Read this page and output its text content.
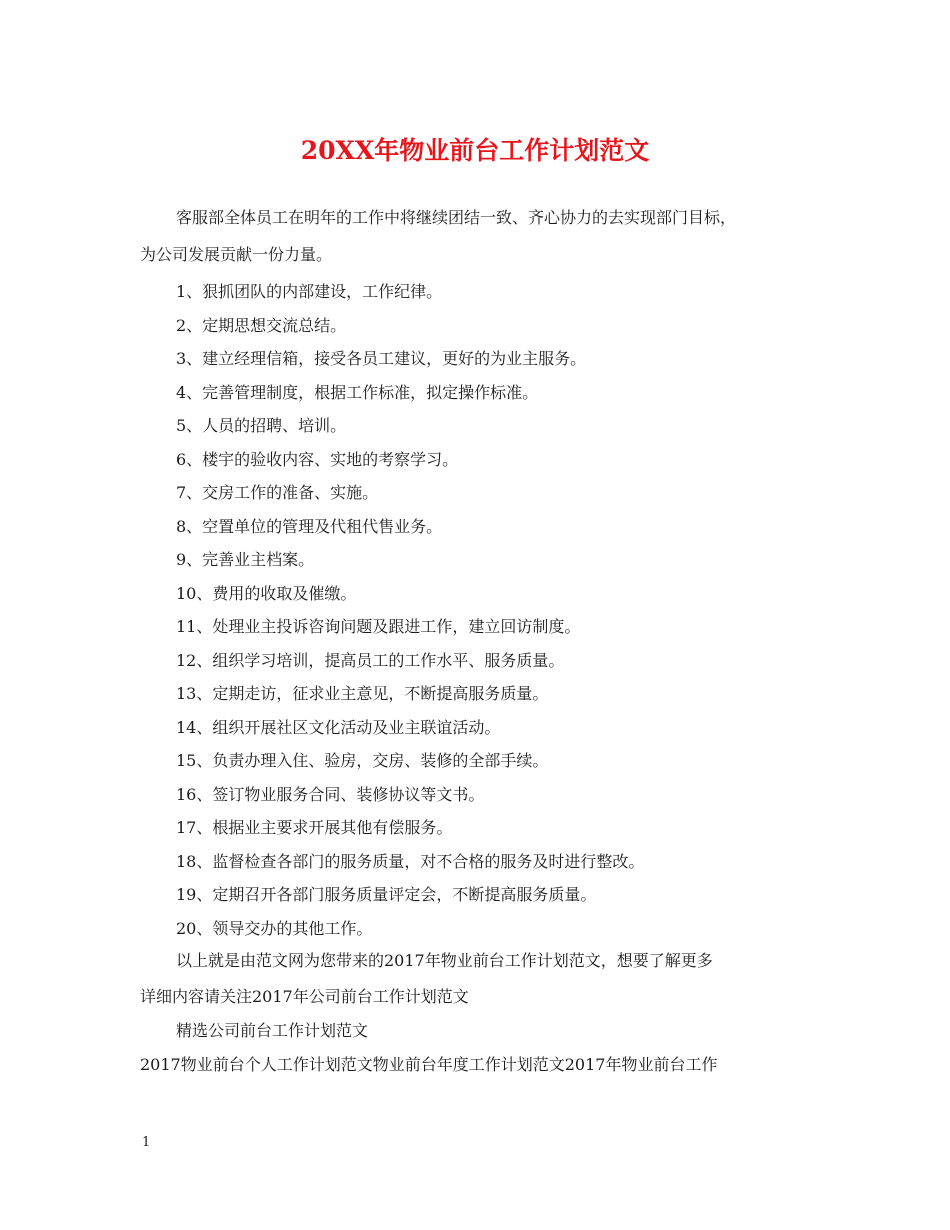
20XX年物业前台工作计划范文
客服部全体员工在明年的工作中将继续团结一致、齐心协力的去实现部门目标，
为公司发展贡献一份力量。
1、狠抓团队的内部建设，工作纪律。
2、定期思想交流总结。
3、建立经理信箱，接受各员工建议，更好的为业主服务。
4、完善管理制度，根据工作标准，拟定操作标准。
5、人员的招聘、培训。
6、楼宇的验收内容、实地的考察学习。
7、交房工作的准备、实施。
8、空置单位的管理及代租代售业务。
9、完善业主档案。
10、费用的收取及催缴。
11、处理业主投诉咨询问题及跟进工作，建立回访制度。
12、组织学习培训，提高员工的工作水平、服务质量。
13、定期走访，征求业主意见，不断提高服务质量。
14、组织开展社区文化活动及业主联谊活动。
15、负责办理入住、验房，交房、装修的全部手续。
16、签订物业服务合同、装修协议等文书。
17、根据业主要求开展其他有偿服务。
18、监督检查各部门的服务质量，对不合格的服务及时进行整改。
19、定期召开各部门服务质量评定会，不断提高服务质量。
20、领导交办的其他工作。
以上就是由范文网为您带来的2017年物业前台工作计划范文，想要了解更多
详细内容请关注2017年公司前台工作计划范文
精选公司前台工作计划范文
2017物业前台个人工作计划范文物业前台年度工作计划范文2017年物业前台工作
1
